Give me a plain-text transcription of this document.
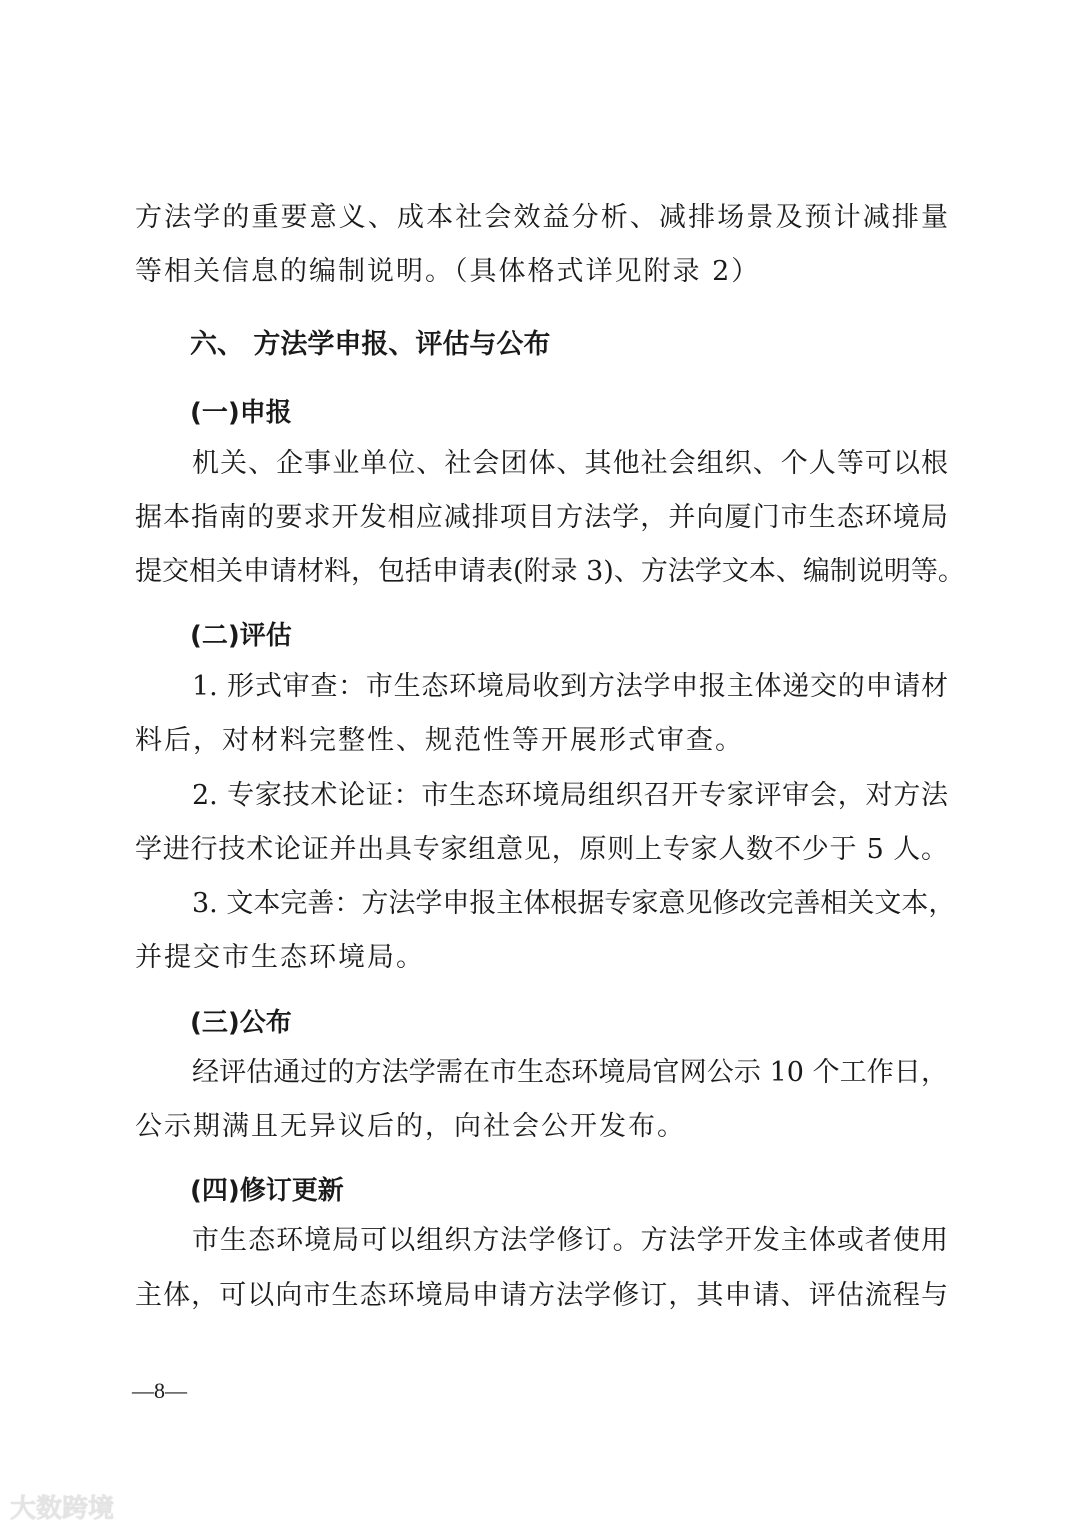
方法学的重要意义、成本社会效益分析、减排场景及预计减排量
等相关信息的编制说明。（具体格式详见附录 2）
六、 方法学申报、评估与公布
(一)申报
机关、企事业单位、社会团体、其他社会组织、个人等可以根
据本指南的要求开发相应减排项目方法学，并向厦门市生态环境局
提交相关申请材料，包括申请表(附录 3)、方法学文本、编制说明等。
(二)评估
1. 形式审查：市生态环境局收到方法学申报主体递交的申请材
料后，对材料完整性、规范性等开展形式审查。
2. 专家技术论证：市生态环境局组织召开专家评审会，对方法
学进行技术论证并出具专家组意见，原则上专家人数不少于 5 人。
3. 文本完善：方法学申报主体根据专家意见修改完善相关文本，
并提交市生态环境局。
(三)公布
经评估通过的方法学需在市生态环境局官网公示 10 个工作日，
公示期满且无异议后的，向社会公开发布。
(四)修订更新
市生态环境局可以组织方法学修订。方法学开发主体或者使用
主体，可以向市生态环境局申请方法学修订，其申请、评估流程与
—8—
大数跨境
